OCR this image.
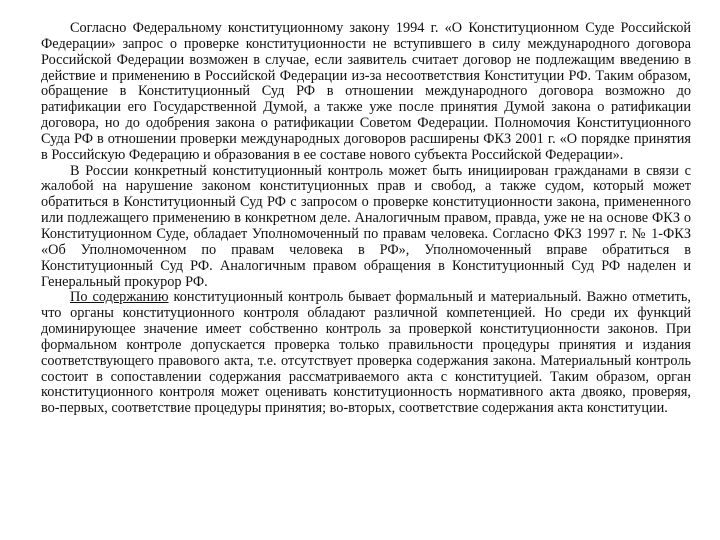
Согласно Федеральному конституционному закону 1994 г. «О Конституционном Суде Российской Федерации» запрос о проверке конституционности не вступившего в силу международного договора Российской Федерации возможен в случае, если заявитель считает договор не подлежащим введению в действие и применению в Российской Федерации из-за несоответствия Конституции РФ. Таким образом, обращение в Конституционный Суд РФ в отношении международного договора возможно до ратификации его Государственной Думой, а также уже после принятия Думой закона о ратификации договора, но до одобрения закона о ратификации Советом Федерации. Полномочия Конституционного Суда РФ в отношении проверки международных договоров расширены ФКЗ 2001 г. «О порядке принятия в Российскую Федерацию и образования в ее составе нового субъекта Российской Федерации».

В России конкретный конституционный контроль может быть инициирован гражданами в связи с жалобой на нарушение законом конституционных прав и свобод, а также судом, который может обратиться в Конституционный Суд РФ с запросом о проверке конституционности закона, примененного или подлежащего применению в конкретном деле. Аналогичным правом, правда, уже не на основе ФКЗ о Конституционном Суде, обладает Уполномоченный по правам человека. Согласно ФКЗ 1997 г. № 1-ФКЗ «Об Уполномоченном по правам человека в РФ», Уполномоченный вправе обратиться в Конституционный Суд РФ. Аналогичным правом обращения в Конституционный Суд РФ наделен и Генеральный прокурор РФ.

По содержанию конституционный контроль бывает формальный и материальный. Важно отметить, что органы конституционного контроля обладают различной компетенцией. Но среди их функций доминирующее значение имеет собственно контроль за проверкой конституционности законов. При формальном контроле допускается проверка только правильности процедуры принятия и издания соответствующего правового акта, т.е. отсутствует проверка содержания закона. Материальный контроль состоит в сопоставлении содержания рассматриваемого акта с конституцией. Таким образом, орган конституционного контроля может оценивать конституционность нормативного акта двояко, проверяя, во-первых, соответствие процедуры принятия; во-вторых, соответствие содержания акта конституции.
